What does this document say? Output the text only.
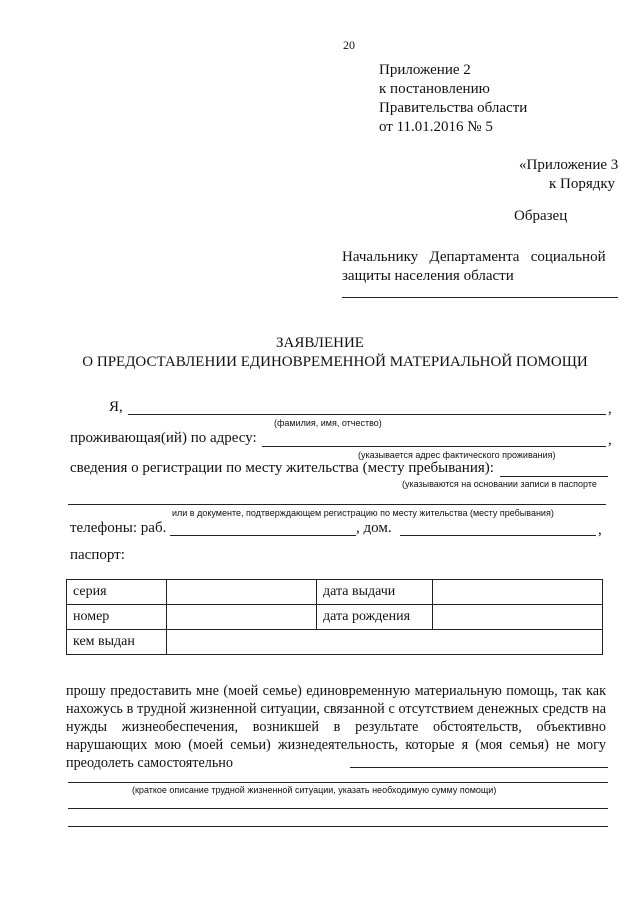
20
Приложение 2
к постановлению
Правительства области
от 11.01.2016 № 5
«Приложение 3
к Порядку
Образец
Начальнику   Департамента   социальной
защиты населения области
ЗАЯВЛЕНИЕ
О ПРЕДОСТАВЛЕНИИ ЕДИНОВРЕМЕННОЙ МАТЕРИАЛЬНОЙ ПОМОЩИ
Я,	,
(фамилия, имя, отчество)
проживающая(ий) по адресу:	,
(указывается адрес фактического проживания)
сведения о регистрации по месту жительства (месту пребывания):
(указываются на основании записи в паспорте
или в документе, подтверждающем регистрацию по месту жительства (месту пребывания)
телефоны: раб.	, дом.	,
паспорт:
серия		дата выдачи	
номер		дата рождения	
кем выдан			
прошу предоставить мне (моей семье) единовременную материальную помощь, так как нахожусь в трудной жизненной ситуации, связанной с отсутствием денежных средств на нужды жизнеобеспечения, возникшей в результате обстоятельств, объективно нарушающих мою (моей семьи) жизнедеятельность, которые я (моя семья) не могу преодолеть самостоятельно
(краткое описание трудной жизненной ситуации, указать необходимую сумму помощи)
